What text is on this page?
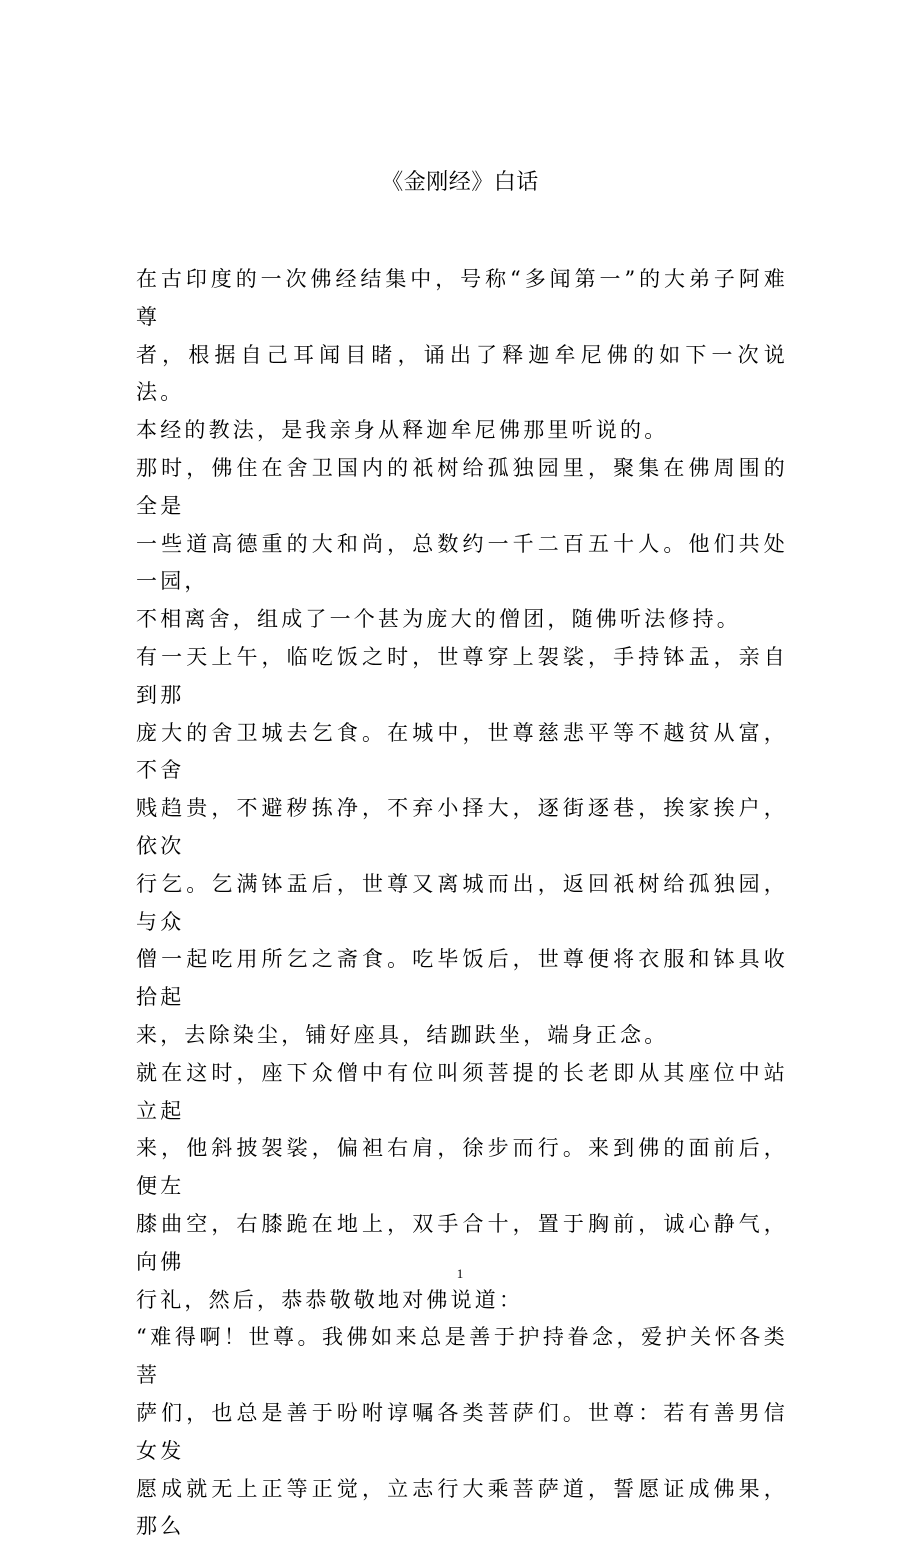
《金刚经》白话

在古印度的一次佛经结集中，号称“多闻第一”的大弟子阿难尊
者，根据自己耳闻目睹，诵出了释迦牟尼佛的如下一次说法。

本经的教法，是我亲身从释迦牟尼佛那里听说的。

那时，佛住在舍卫国内的祇树给孤独园里，聚集在佛周围的全是
一些道高德重的大和尚，总数约一千二百五十人。他们共处一园，
不相离舍，组成了一个甚为庞大的僧团，随佛听法修持。

有一天上午，临吃饭之时，世尊穿上袈裟，手持钵盂，亲自到那
庞大的舍卫城去乞食。在城中，世尊慈悲平等不越贫从富，不舍
贱趋贵，不避秽拣净，不弃小择大，逐街逐巷，挨家挨户，依次
行乞。乞满钵盂后，世尊又离城而出，返回祇树给孤独园，与众
僧一起吃用所乞之斋食。吃毕饭后，世尊便将衣服和钵具收拾起
来，去除染尘，铺好座具，结跏趺坐，端身正念。

就在这时，座下众僧中有位叫须菩提的长老即从其座位中站立起
来，他斜披袈裟，偏袒右肩，徐步而行。来到佛的面前后，便左
膝曲空，右膝跪在地上，双手合十，置于胸前，诚心静气，向佛
行礼，然后，恭恭敬敬地对佛说道：

“难得啊！世尊。我佛如来总是善于护持眷念，爱护关怀各类菩
萨们，也总是善于吩咐谆嘱各类菩萨们。世尊：若有善男信女发
愿成就无上正等正觉，立志行大乘菩萨道，誓愿证成佛果，那么

1
